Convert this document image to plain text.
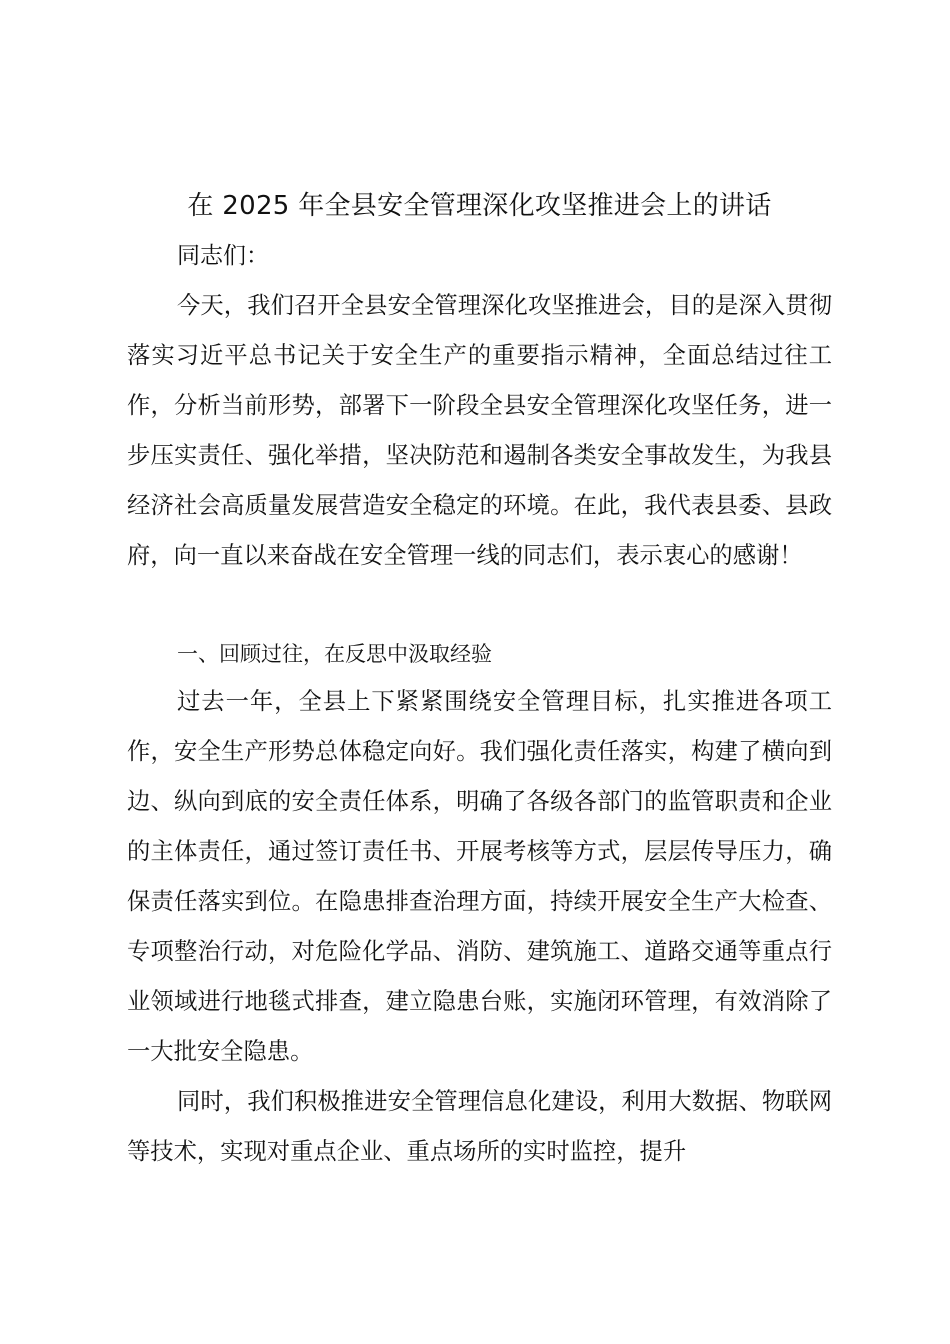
在 2025 年全县安全管理深化攻坚推进会上的讲话

同志们：

今天，我们召开全县安全管理深化攻坚推进会，目的是深入贯彻落实习近平总书记关于安全生产的重要指示精神，全面总结过往工作，分析当前形势，部署下一阶段全县安全管理深化攻坚任务，进一步压实责任、强化举措，坚决防范和遏制各类安全事故发生，为我县经济社会高质量发展营造安全稳定的环境。在此，我代表县委、县政府，向一直以来奋战在安全管理一线的同志们，表示衷心的感谢！

一、回顾过往，在反思中汲取经验

过去一年，全县上下紧紧围绕安全管理目标，扎实推进各项工作，安全生产形势总体稳定向好。我们强化责任落实，构建了横向到边、纵向到底的安全责任体系，明确了各级各部门的监管职责和企业的主体责任，通过签订责任书、开展考核等方式，层层传导压力，确保责任落实到位。在隐患排查治理方面，持续开展安全生产大检查、专项整治行动，对危险化学品、消防、建筑施工、道路交通等重点行业领域进行地毯式排查，建立隐患台账，实施闭环管理，有效消除了一大批安全隐患。

同时，我们积极推进安全管理信息化建设，利用大数据、物联网等技术，实现对重点企业、重点场所的实时监控，提升
